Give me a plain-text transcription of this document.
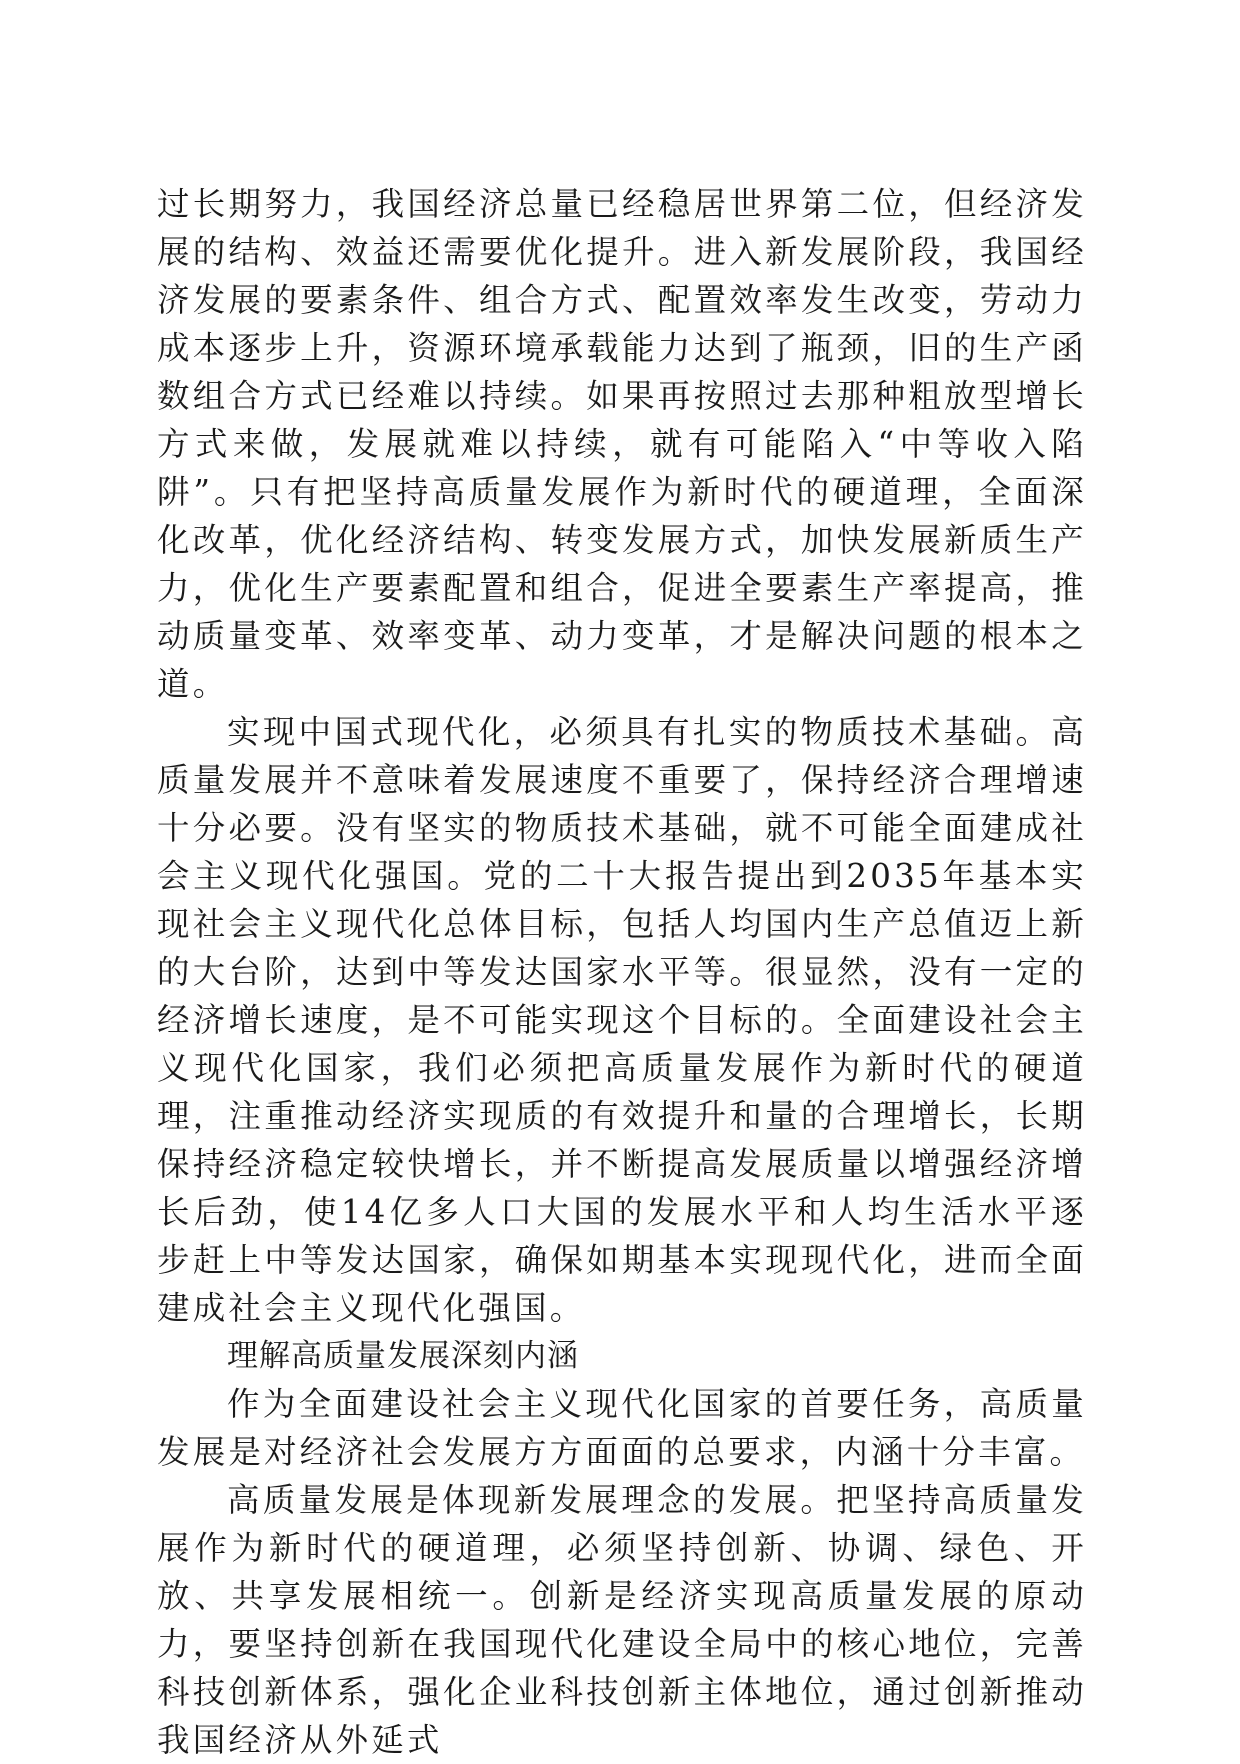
过长期努力，我国经济总量已经稳居世界第二位，但经济发展的结构、效益还需要优化提升。进入新发展阶段，我国经济发展的要素条件、组合方式、配置效率发生改变，劳动力成本逐步上升，资源环境承载能力达到了瓶颈，旧的生产函数组合方式已经难以持续。如果再按照过去那种粗放型增长方式来做，发展就难以持续，就有可能陷入“中等收入陷阱”。只有把坚持高质量发展作为新时代的硬道理，全面深化改革，优化经济结构、转变发展方式，加快发展新质生产力，优化生产要素配置和组合，促进全要素生产率提高，推动质量变革、效率变革、动力变革，才是解决问题的根本之道。

实现中国式现代化，必须具有扎实的物质技术基础。高质量发展并不意味着发展速度不重要了，保持经济合理增速十分必要。没有坚实的物质技术基础，就不可能全面建成社会主义现代化强国。党的二十大报告提出到2035年基本实现社会主义现代化总体目标，包括人均国内生产总值迈上新的大台阶，达到中等发达国家水平等。很显然，没有一定的经济增长速度，是不可能实现这个目标的。全面建设社会主义现代化国家，我们必须把高质量发展作为新时代的硬道理，注重推动经济实现质的有效提升和量的合理增长，长期保持经济稳定较快增长，并不断提高发展质量以增强经济增长后劲，使14亿多人口大国的发展水平和人均生活水平逐步赶上中等发达国家，确保如期基本实现现代化，进而全面建成社会主义现代化强国。

理解高质量发展深刻内涵

作为全面建设社会主义现代化国家的首要任务，高质量发展是对经济社会发展方方面面的总要求，内涵十分丰富。

高质量发展是体现新发展理念的发展。把坚持高质量发展作为新时代的硬道理，必须坚持创新、协调、绿色、开放、共享发展相统一。创新是经济实现高质量发展的原动力，要坚持创新在我国现代化建设全局中的核心地位，完善科技创新体系，强化企业科技创新主体地位，通过创新推动我国经济从外延式
